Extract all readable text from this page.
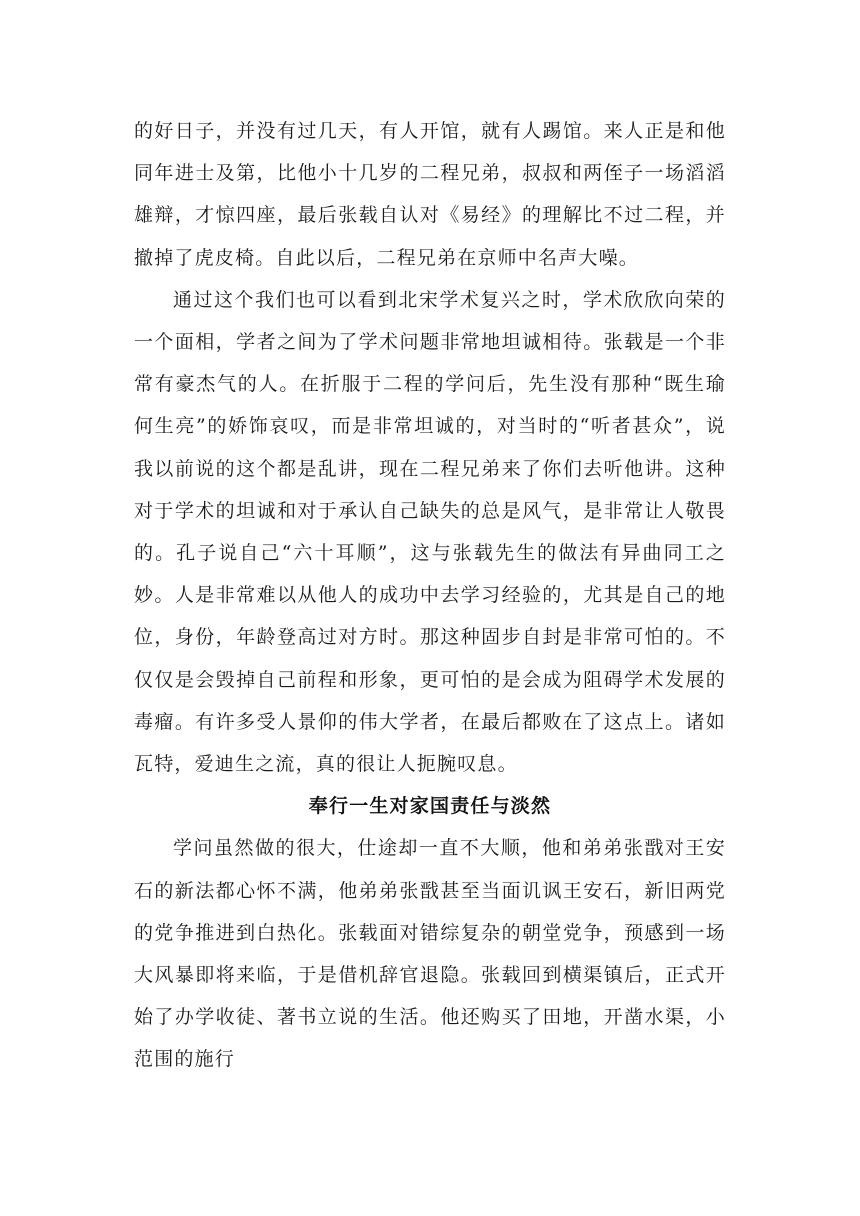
的好日子，并没有过几天，有人开馆，就有人踢馆。来人正是和他同年进士及第，比他小十几岁的二程兄弟，叔叔和两侄子一场滔滔雄辩，才惊四座，最后张载自认对《易经》的理解比不过二程，并撤掉了虎皮椅。自此以后，二程兄弟在京师中名声大噪。

通过这个我们也可以看到北宋学术复兴之时，学术欣欣向荣的一个面相，学者之间为了学术问题非常地坦诚相待。张载是一个非常有豪杰气的人。在折服于二程的学问后，先生没有那种“既生瑜何生亮”的娇饰哀叹，而是非常坦诚的，对当时的“听者甚众”，说我以前说的这个都是乱讲，现在二程兄弟来了你们去听他讲。这种对于学术的坦诚和对于承认自己缺失的总是风气，是非常让人敬畏的。孔子说自己“六十耳顺”，这与张载先生的做法有异曲同工之妙。人是非常难以从他人的成功中去学习经验的，尤其是自己的地位，身份，年龄登高过对方时。那这种固步自封是非常可怕的。不仅仅是会毁掉自己前程和形象，更可怕的是会成为阻碍学术发展的毒瘤。有许多受人景仰的伟大学者，在最后都败在了这点上。诸如瓦特，爱迪生之流，真的很让人扼腕叹息。

奉行一生对家国责任与淡然

学问虽然做的很大，仕途却一直不大顺，他和弟弟张戬对王安石的新法都心怀不满，他弟弟张戬甚至当面讥讽王安石，新旧两党的党争推进到白热化。张载面对错综复杂的朝堂党争，预感到一场大风暴即将来临，于是借机辞官退隐。张载回到横渠镇后，正式开始了办学收徒、著书立说的生活。他还购买了田地，开凿水渠，小范围的施行
